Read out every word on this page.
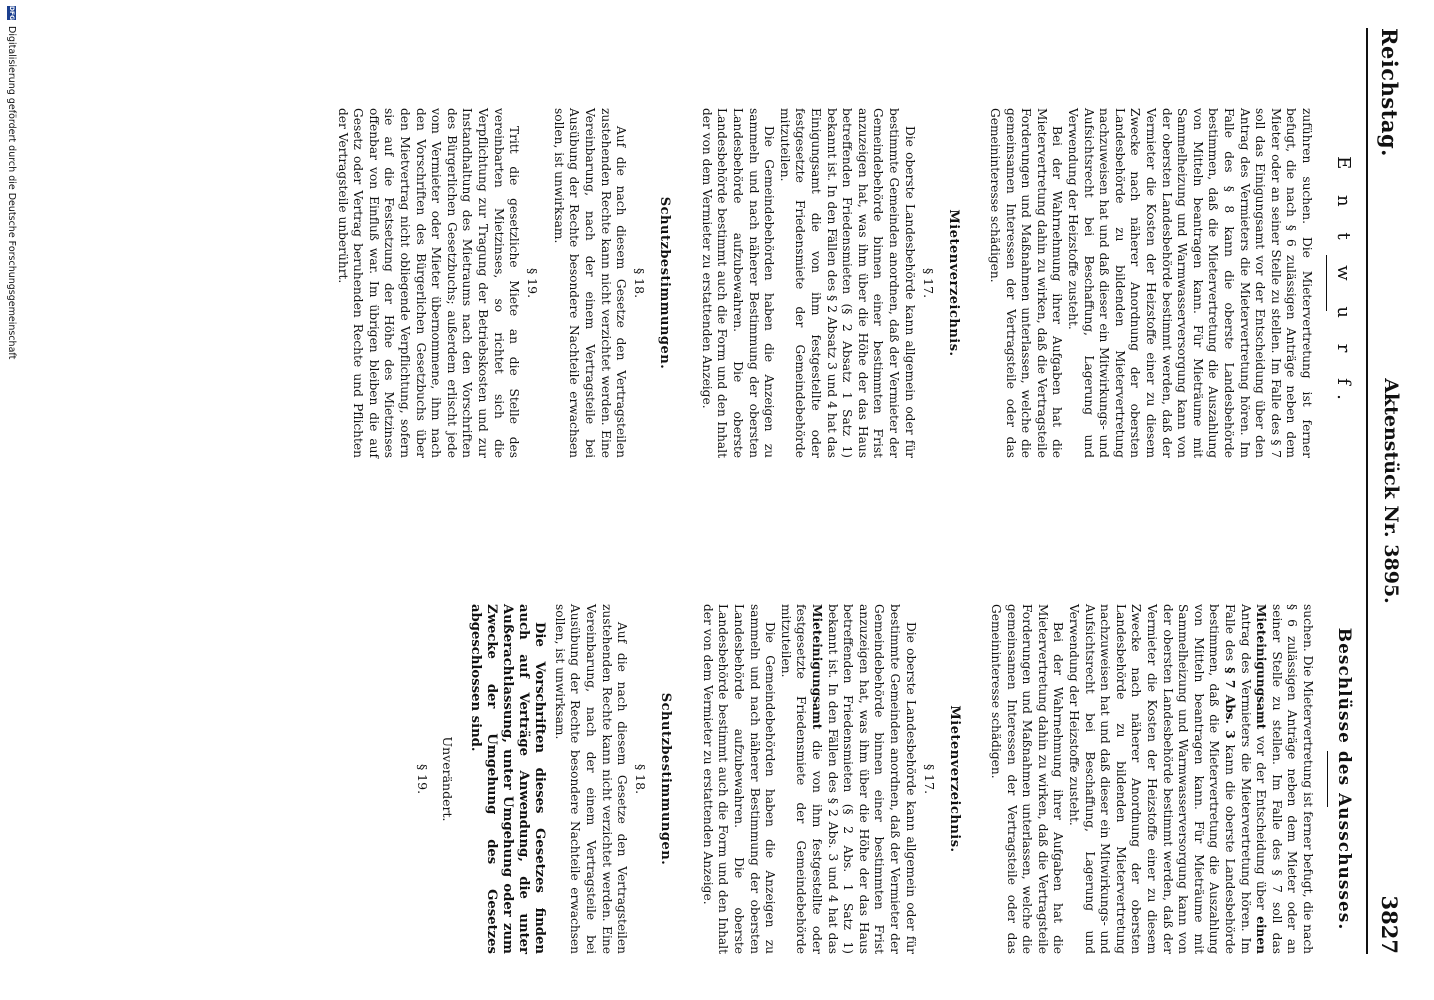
Reichstag.
Aktenstück Nr. 3895.
3827
E n t w u r f.

zuführen suchen. Die Mietervertretung ist ferner befugt, die nach § 6 zulässigen Anträge neben dem Mieter oder an seiner Stelle zu stellen. Im Falle des § 7 soll das Einigungsamt vor der Entscheidung über den Antrag des Vermieters die Mietervertretung hören. Im Falle des § 8 kann die oberste Landesbehörde bestimmen, daß die Mietervertretung die Auszahlung von Mitteln beantragen kann. Für Mieträume mit Sammelheizung und Warmwasserversorgung kann von der obersten Landesbehörde bestimmt werden, daß der Vermieter die Kosten der Heizstoffe einer zu diesem Zwecke nach näherer Anordnung der obersten Landesbehörde zu bildenden Mietervertretung nachzuweisen hat und daß dieser ein Mitwirkungs- und Aufsichtsrecht bei Beschaffung, Lagerung und Verwendung der Heizstoffe zusteht.

Bei der Wahrnehmung ihrer Aufgaben hat die Mietervertretung dahin zu wirken, daß die Vertragsteile Forderungen und Maßnahmen unterlassen, welche die gemeinsamen Interessen der Vertragsteile oder das Gemeininteresse schädigen.

Mietenverzeichnis.
§ 17.

Die oberste Landesbehörde kann allgemein oder für bestimmte Gemeinden anordnen, daß der Vermieter der Gemeindebehörde binnen einer bestimmten Frist anzuzeigen hat, was ihm über die Höhe der das Haus betreffenden Friedensmieten (§ 2 Absatz 1 Satz 1) bekannt ist. In den Fällen des § 2 Absatz 3 und 4 hat das Einigungsamt die von ihm festgestellte oder festgesetzte Friedensmiete der Gemeindebehörde mitzuteilen.

Die Gemeindebehörden haben die Anzeigen zu sammeln und nach näherer Bestimmung der obersten Landesbehörde aufzubewahren. Die oberste Landesbehörde bestimmt auch die Form und den Inhalt der von dem Vermieter zu erstattenden Anzeige.

Schutzbestimmungen.
§ 18.

Auf die nach diesem Gesetze den Vertragsteilen zustehenden Rechte kann nicht verzichtet werden. Eine Vereinbarung, nach der einem Vertragsteile bei Ausübung der Rechte besondere Nachteile erwachsen sollen, ist unwirksam.

§ 19.

Tritt die gesetzliche Miete an die Stelle des vereinbarten Mietzinses, so richtet sich die Verpflichtung zur Tragung der Betriebskosten und zur Instandhaltung des Mietraums nach den Vorschriften des Bürgerlichen Gesetzbuchs; außerdem erlischt jede vom Vermieter oder Mieter übernommene, ihm nach den Vorschriften des Bürgerlichen Gesetzbuchs über den Mietvertrag nicht obliegende Verpflichtung, sofern sie auf die Festsetzung der Höhe des Mietzinses offenbar von Einfluß war. Im übrigen bleiben die auf Gesetz oder Vertrag beruhenden Rechte und Pflichten der Vertragsteile unberührt.

Beschlüsse des Ausschusses.

suchen. Die Mietervertretung ist ferner befugt, die nach § 6 zulässigen Anträge neben dem Mieter oder an seiner Stelle zu stellen. Im Falle des § 7 soll das Mieteinigungsamt vor der Entscheidung über einen Antrag des Vermieters die Mietervertretung hören. Im Falle des § 7 Abs. 3 kann die oberste Landesbehörde bestimmen, daß die Mietervertretung die Auszahlung von Mitteln beantragen kann. Für Mieträume mit Sammelheizung und Warmwasserversorgung kann von der obersten Landesbehörde bestimmt werden, daß der Vermieter die Kosten der Heizstoffe einer zu diesem Zwecke nach näherer Anordnung der obersten Landesbehörde zu bildenden Mietervertretung nachzuweisen hat und daß dieser ein Mitwirkungs- und Aufsichtsrecht bei Beschaffung, Lagerung und Verwendung der Heizstoffe zusteht.

Bei der Wahrnehmung ihrer Aufgaben hat die Mietervertretung dahin zu wirken, daß die Vertragsteile Forderungen und Maßnahmen unterlassen, welche die gemeinsamen Interessen der Vertragsteile oder das Gemeininteresse schädigen.

Mietenverzeichnis.
§ 17.

Die oberste Landesbehörde kann allgemein oder für bestimmte Gemeinden anordnen, daß der Vermieter der Gemeindebehörde binnen einer bestimmten Frist anzuzeigen hat, was ihm über die Höhe der das Haus betreffenden Friedensmieten (§ 2 Abs. 1 Satz 1) bekannt ist. In den Fällen des § 2 Abs. 3 und 4 hat das Mieteinigungsamt die von ihm festgestellte oder festgesetzte Friedensmiete der Gemeindebehörde mitzuteilen.

Die Gemeindebehörden haben die Anzeigen zu sammeln und nach näherer Bestimmung der obersten Landesbehörde aufzubewahren. Die oberste Landesbehörde bestimmt auch die Form und den Inhalt der von dem Vermieter zu erstattenden Anzeige.

Schutzbestimmungen.
§ 18.

Auf die nach diesem Gesetze den Vertragsteilen zustehenden Rechte kann nicht verzichtet werden. Eine Vereinbarung, nach der einem Vertragsteile bei Ausübung der Rechte besondere Nachteile erwachsen sollen, ist unwirksam.

Die Vorschriften dieses Gesetzes finden auch auf Verträge Anwendung, die unter Außerachtlassung, unter Umgehung oder zum Zwecke der Umgehung des Gesetzes abgeschlossen sind.

Unverändert.
§ 19.
DFG
Digitalisierung gefördert durch die Deutsche Forschungsgemeinschaft
